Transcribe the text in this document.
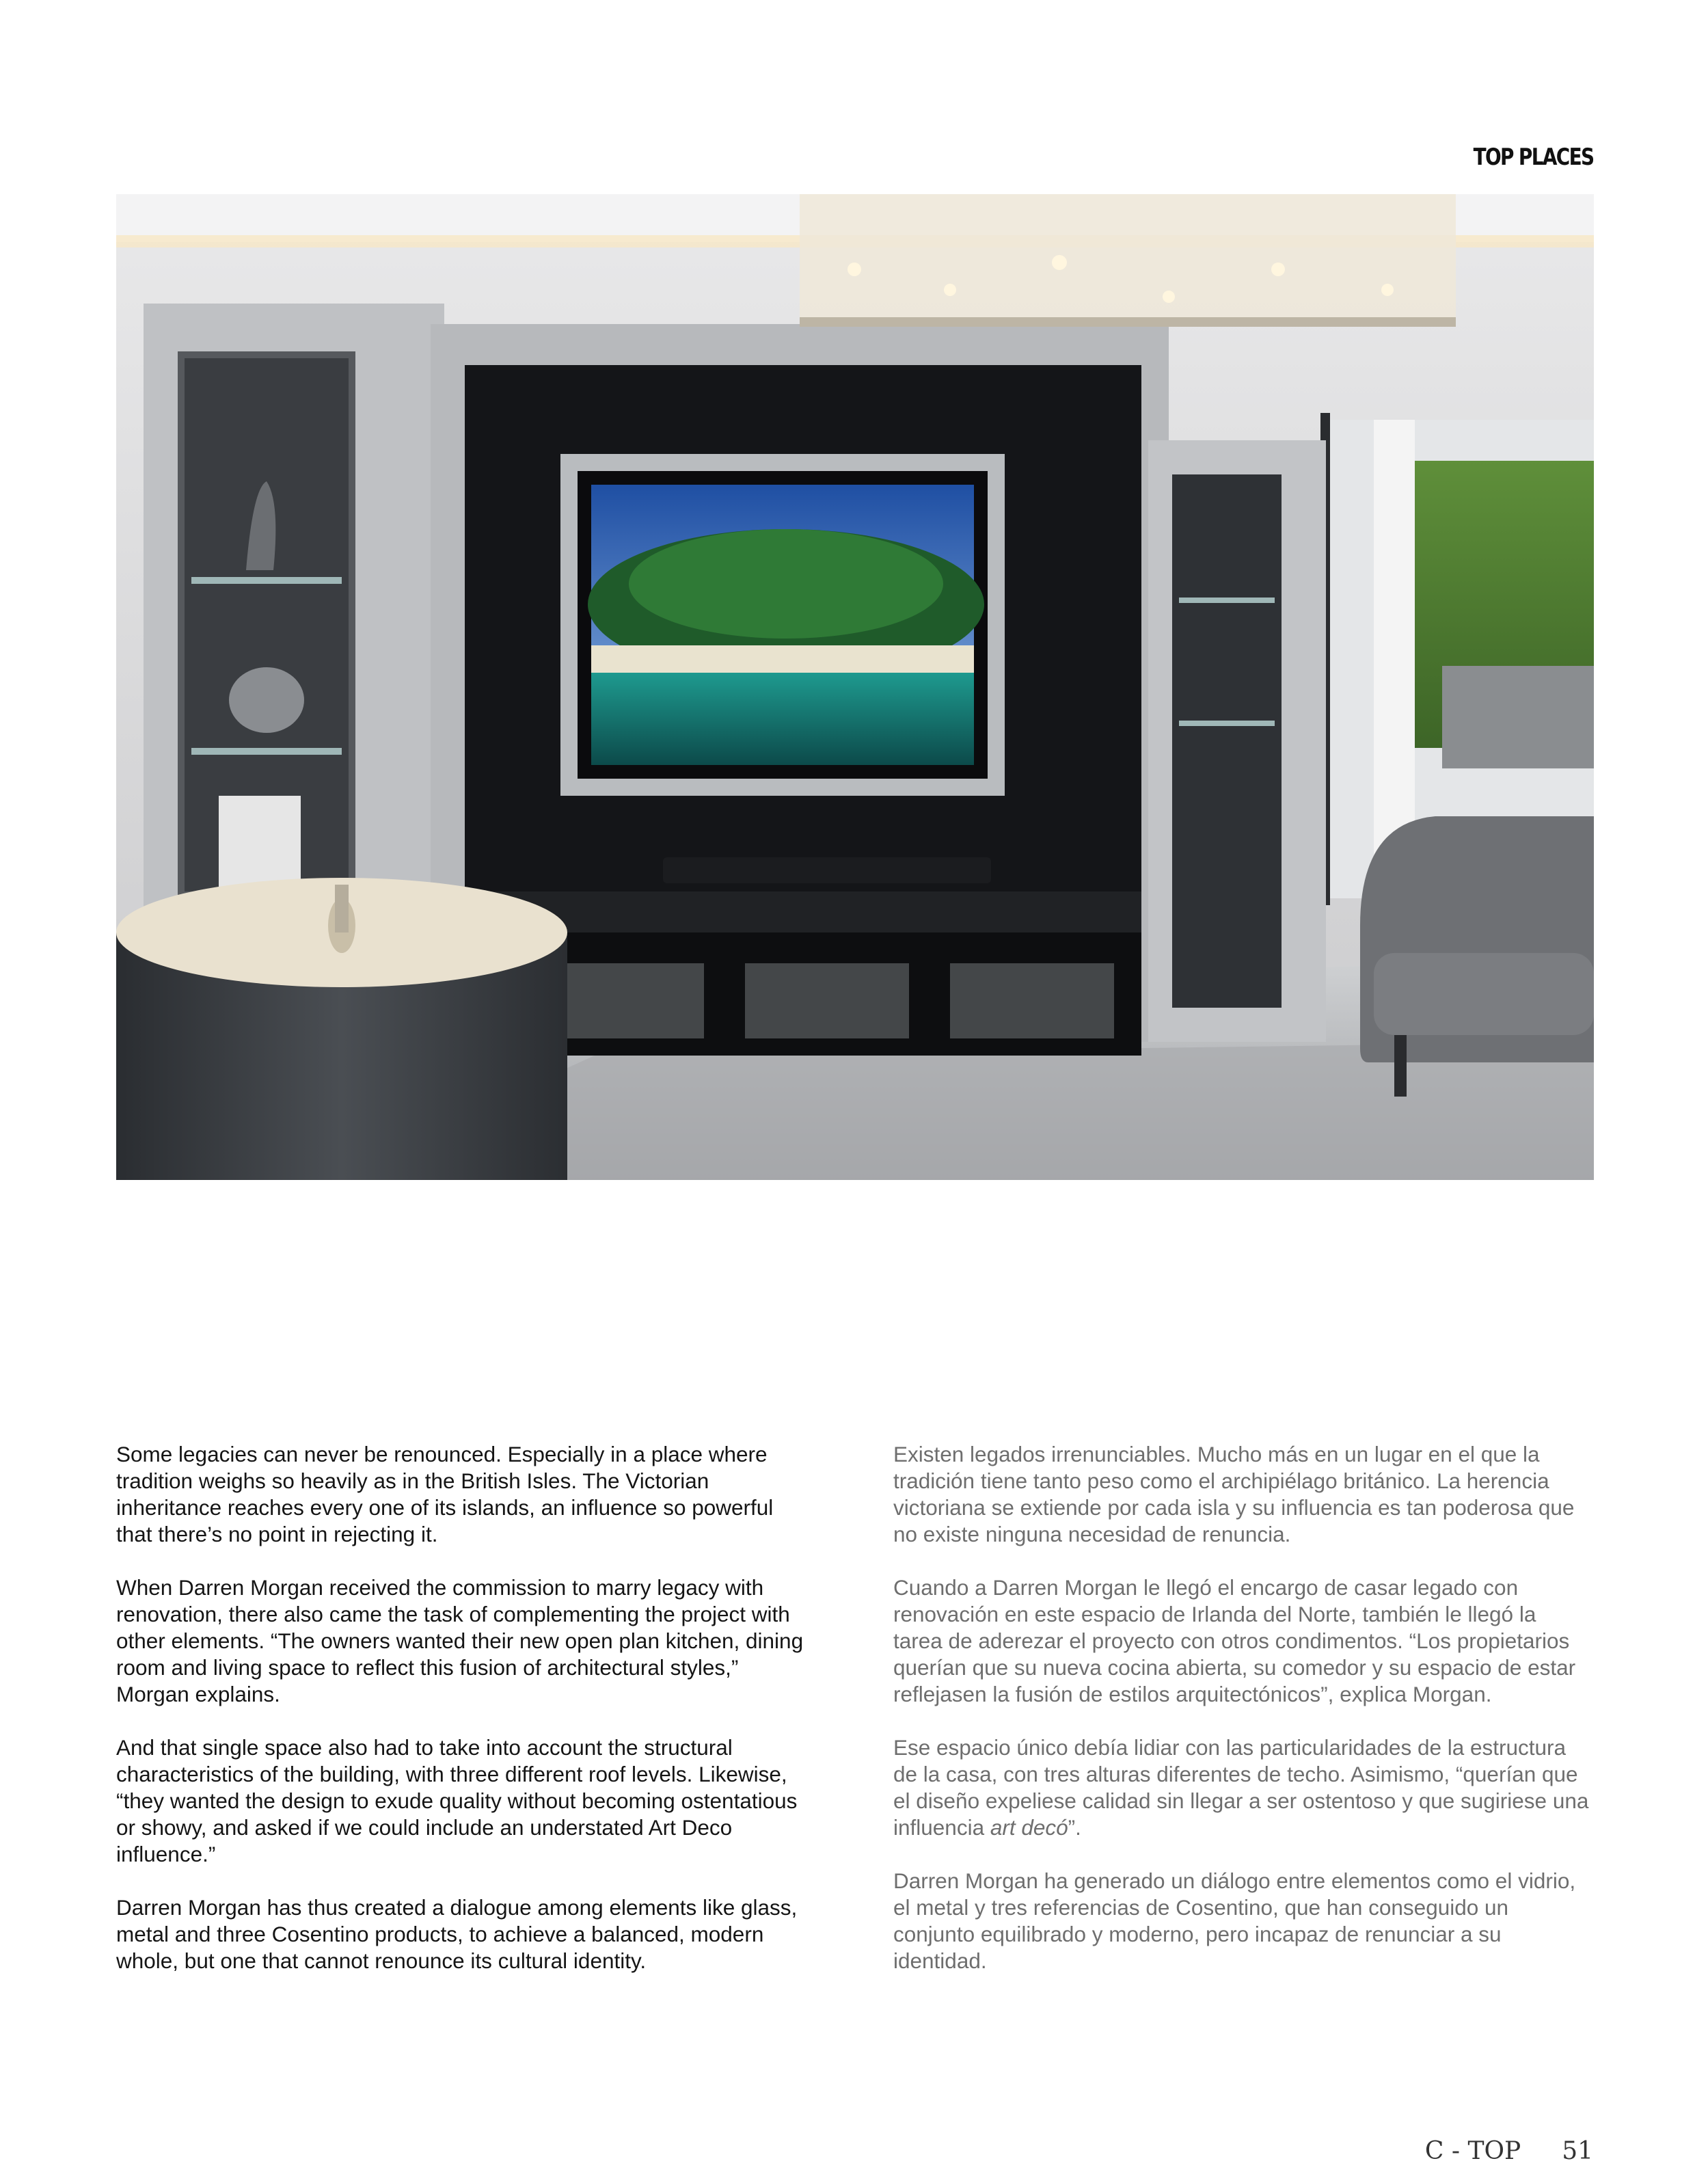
TOP PLACES

Some legacies can never be renounced. Especially in a place where tradition weighs so heavily as in the British Isles. The Victorian inheritance reaches every one of its islands, an influence so powerful that there’s no point in rejecting it.

When Darren Morgan received the commission to marry legacy with renovation, there also came the task of complementing the project with other elements. “The owners wanted their new open plan kitchen, dining room and living space to reflect this fusion of architectural styles,” Morgan explains.

And that single space also had to take into account the structural characteristics of the building, with three different roof levels. Likewise, “they wanted the design to exude quality without becoming ostentatious or showy, and asked if we could include an understated Art Deco influence.”

Darren Morgan has thus created a dialogue among elements like glass, metal and three Cosentino products, to achieve a balanced, modern whole, but one that cannot renounce its cultural identity.

Existen legados irrenunciables. Mucho más en un lugar en el que la tradición tiene tanto peso como el archipiélago británico. La herencia victoriana se extiende por cada isla y su influencia es tan poderosa que no existe ninguna necesidad de renuncia.

Cuando a Darren Morgan le llegó el encargo de casar legado con renovación en este espacio de Irlanda del Norte, también le llegó la tarea de aderezar el proyecto con otros condimentos. “Los propietarios querían que su nueva cocina abierta, su comedor y su espacio de estar reflejasen la fusión de estilos arquitectónicos”, explica Morgan.

Ese espacio único debía lidiar con las particularidades de la estructura de la casa, con tres alturas diferentes de techo. Asimismo, “querían que el diseño expeliese calidad sin llegar a ser ostentoso y que sugiriese una influencia art decó”.

Darren Morgan ha generado un diálogo entre elementos como el vidrio, el metal y tres referencias de Cosentino, que han conseguido un conjunto equilibrado y moderno, pero incapaz de renunciar a su identidad.

C - TOP 51
